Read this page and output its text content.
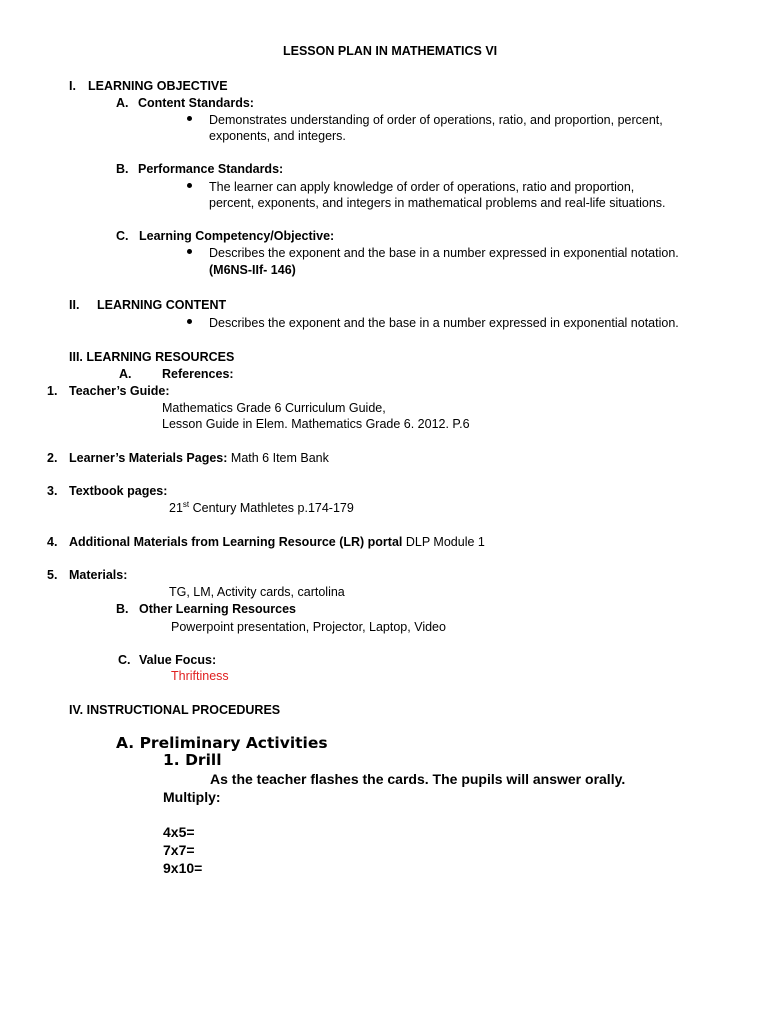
LESSON PLAN IN MATHEMATICS VI
I. LEARNING OBJECTIVE
A. Content Standards:
Demonstrates understanding of order of operations, ratio, and proportion, percent,
exponents, and integers.
B. Performance Standards:
The learner can apply knowledge of order of operations, ratio and proportion,
percent, exponents, and integers in mathematical problems and real-life situations.
C. Learning Competency/Objective:
Describes the exponent and the base in a number expressed in exponential notation.
(M6NS-IIf- 146)
II. LEARNING CONTENT
Describes the exponent and the base in a number expressed in exponential notation.
III. LEARNING RESOURCES
A. References:
1. Teacher’s Guide:
Mathematics Grade 6 Curriculum Guide,
Lesson Guide in Elem. Mathematics Grade 6. 2012. P.6
2. Learner’s Materials Pages: Math 6 Item Bank
3. Textbook pages:
21st Century Mathletes p.174-179
4. Additional Materials from Learning Resource (LR) portal DLP Module 1
5. Materials:
TG, LM, Activity cards, cartolina
B. Other Learning Resources
Powerpoint presentation, Projector, Laptop, Video
C. Value Focus:
Thriftiness
IV. INSTRUCTIONAL PROCEDURES
A. Preliminary Activities
1. Drill
As the teacher flashes the cards. The pupils will answer orally.
Multiply:
4x5=
7x7=
9x10=
